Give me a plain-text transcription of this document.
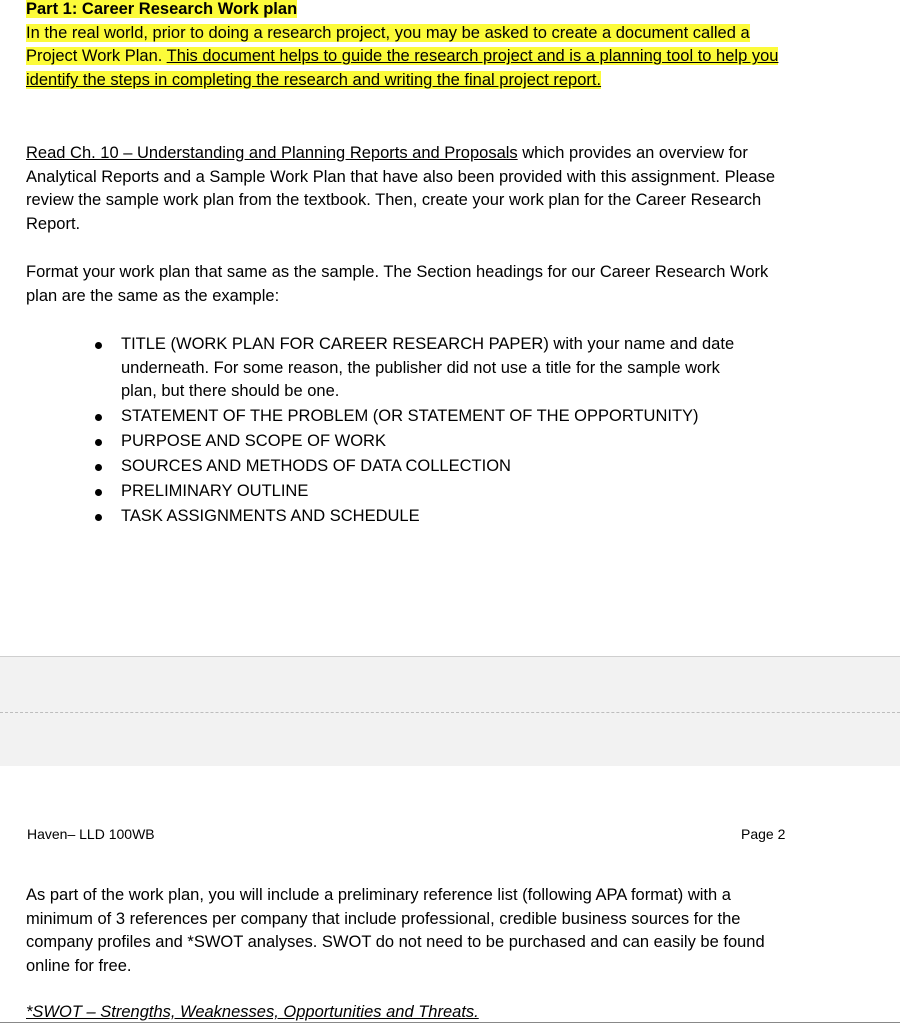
Part 1: Career Research Work plan
In the real world, prior to doing a research project, you may be asked to create a document called a Project Work Plan. This document helps to guide the research project and is a planning tool to help you identify the steps in completing the research and writing the final project report.

Read Ch. 10 – Understanding and Planning Reports and Proposals which provides an overview for Analytical Reports and a Sample Work Plan that have also been provided with this assignment. Please review the sample work plan from the textbook. Then, create your work plan for the Career Research Report.

Format your work plan that same as the sample. The Section headings for our Career Research Work plan are the same as the example:

TITLE (WORK PLAN FOR CAREER RESEARCH PAPER) with your name and date underneath. For some reason, the publisher did not use a title for the sample work plan, but there should be one.
STATEMENT OF THE PROBLEM (OR STATEMENT OF THE OPPORTUNITY)
PURPOSE AND SCOPE OF WORK
SOURCES AND METHODS OF DATA COLLECTION
PRELIMINARY OUTLINE
TASK ASSIGNMENTS AND SCHEDULE
Haven– LLD 100WB	Page 2

As part of the work plan, you will include a preliminary reference list (following APA format) with a minimum of 3 references per company that include professional, credible business sources for the company profiles and *SWOT analyses. SWOT do not need to be purchased and can easily be found online for free.

*SWOT – Strengths, Weaknesses, Opportunities and Threats.
